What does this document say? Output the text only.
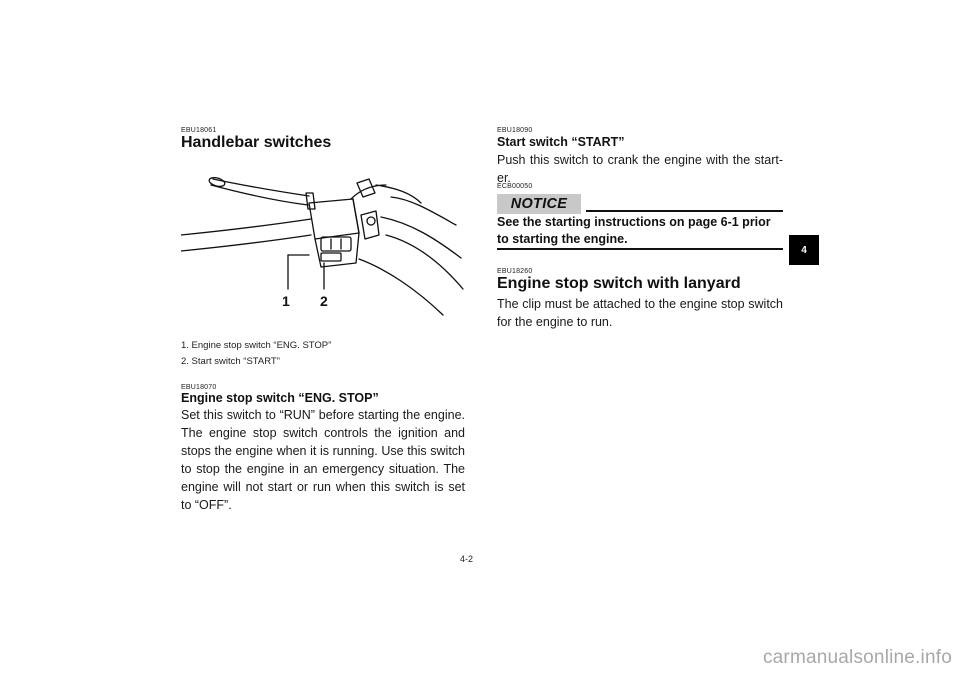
EBU18061
Handlebar switches
1 2
1. Engine stop switch “ENG. STOP”
2. Start switch “START”
EBU18070
Engine stop switch “ENG. STOP”
Set this switch to “RUN” before starting the engine. The engine stop switch controls the ignition and stops the engine when it is running. Use this switch to stop the engine in an emergency situation. The engine will not start or run when this switch is set to “OFF”.
EBU18090
Start switch “START”
Push this switch to crank the engine with the start-er.
ECB00050
NOTICE
See the starting instructions on page 6-1 prior to starting the engine.
EBU18260
Engine stop switch with lanyard
The clip must be attached to the engine stop switch for the engine to run.
4
4-2
carmanualsonline.info
